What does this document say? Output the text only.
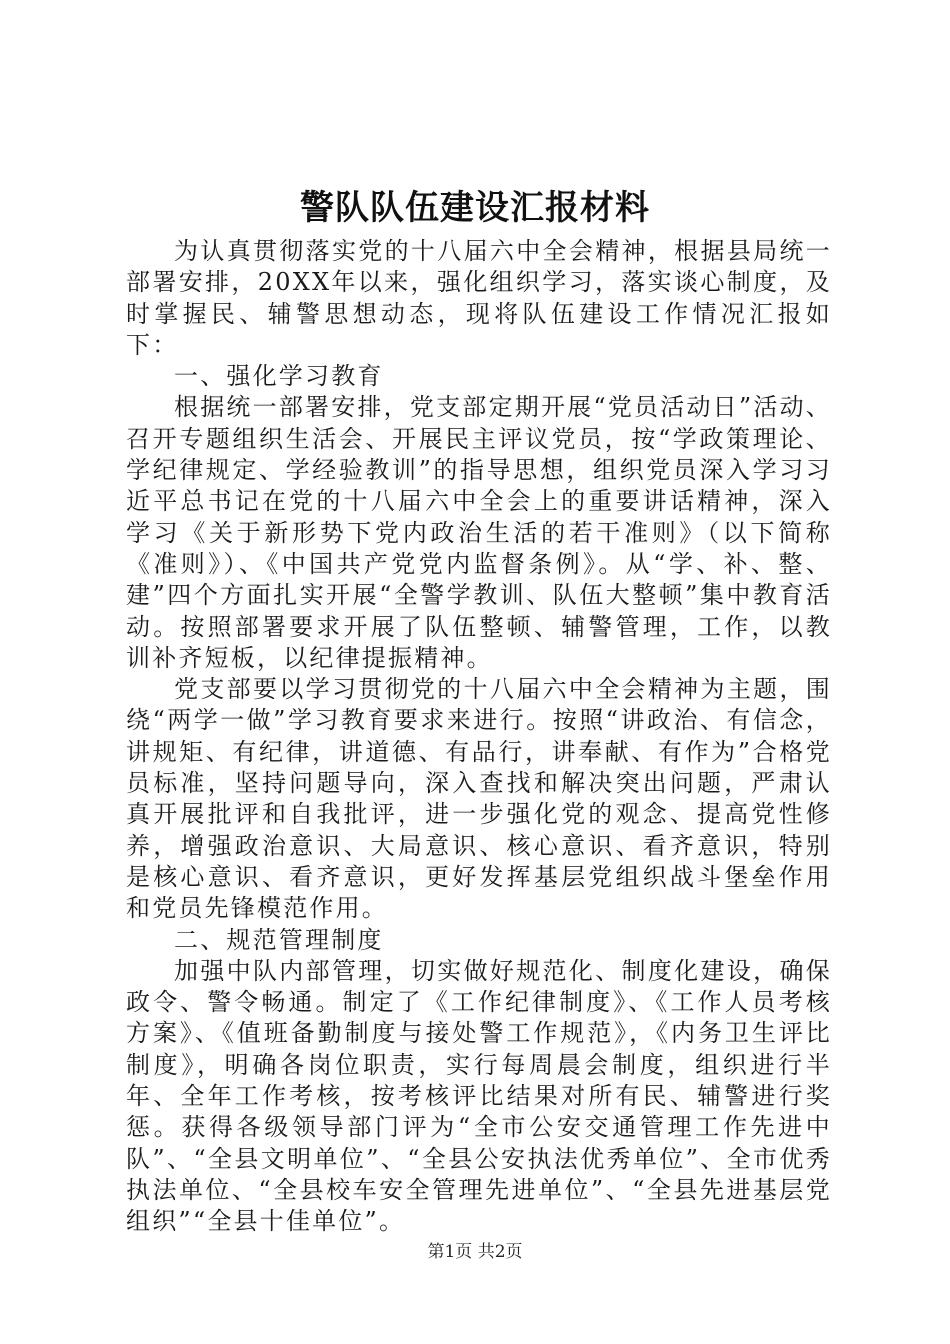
警队队伍建设汇报材料

为认真贯彻落实党的十八届六中全会精神，根据县局统一部署安排，20XX年以来，强化组织学习，落实谈心制度，及时掌握民、辅警思想动态，现将队伍建设工作情况汇报如下：

一、强化学习教育

根据统一部署安排，党支部定期开展“党员活动日”活动、召开专题组织生活会、开展民主评议党员，按“学政策理论、学纪律规定、学经验教训”的指导思想，组织党员深入学习习近平总书记在党的十八届六中全会上的重要讲话精神，深入学习《关于新形势下党内政治生活的若干准则》（以下简称《准则》）、《中国共产党党内监督条例》。从“学、补、整、建”四个方面扎实开展“全警学教训、队伍大整顿”集中教育活动。按照部署要求开展了队伍整顿、辅警管理，工作，以教训补齐短板，以纪律提振精神。

党支部要以学习贯彻党的十八届六中全会精神为主题，围绕“两学一做”学习教育要求来进行。按照“讲政治、有信念，讲规矩、有纪律，讲道德、有品行，讲奉献、有作为”合格党员标准，坚持问题导向，深入查找和解决突出问题，严肃认真开展批评和自我批评，进一步强化党的观念、提高党性修养，增强政治意识、大局意识、核心意识、看齐意识，特别是核心意识、看齐意识，更好发挥基层党组织战斗堡垒作用和党员先锋模范作用。

二、规范管理制度

加强中队内部管理，切实做好规范化、制度化建设，确保政令、警令畅通。制定了《工作纪律制度》、《工作人员考核方案》、《值班备勤制度与接处警工作规范》，《内务卫生评比制度》，明确各岗位职责，实行每周晨会制度，组织进行半年、全年工作考核，按考核评比结果对所有民、辅警进行奖惩。获得各级领导部门评为“全市公安交通管理工作先进中队”、“全县文明单位”、“全县公安执法优秀单位”、全市优秀执法单位、“全县校车安全管理先进单位”、“全县先进基层党组织”“全县十佳单位”。

第1页 共2页
